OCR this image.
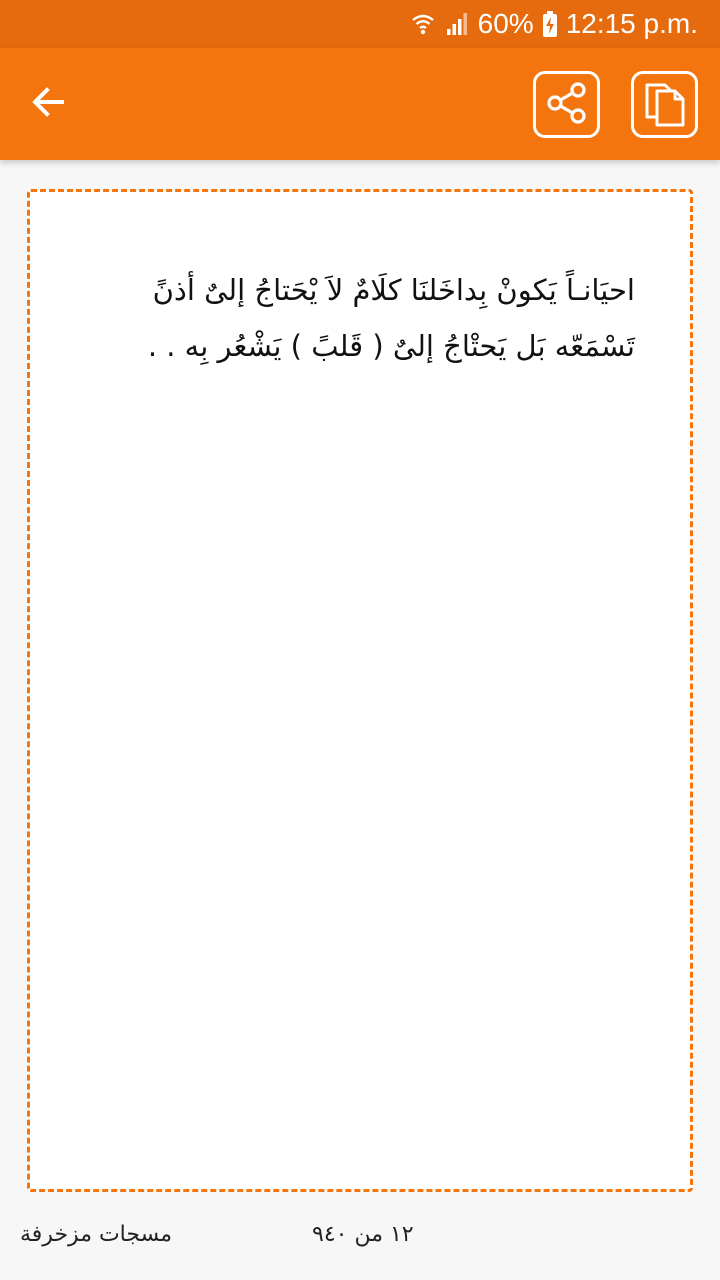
60% 12:15 p.m.
احيَانـاً يَكونْ بِداخَلنَا كلَامٌ لاَ يْحَتاجُ إلىٌ أذنً تَسْمَعّه بَل يَحتْاجُ إلىٌ ( قَلبً ) يَشْعُر بِه . .
مسجات مزخرفة	١٢ من ٩٤٠
